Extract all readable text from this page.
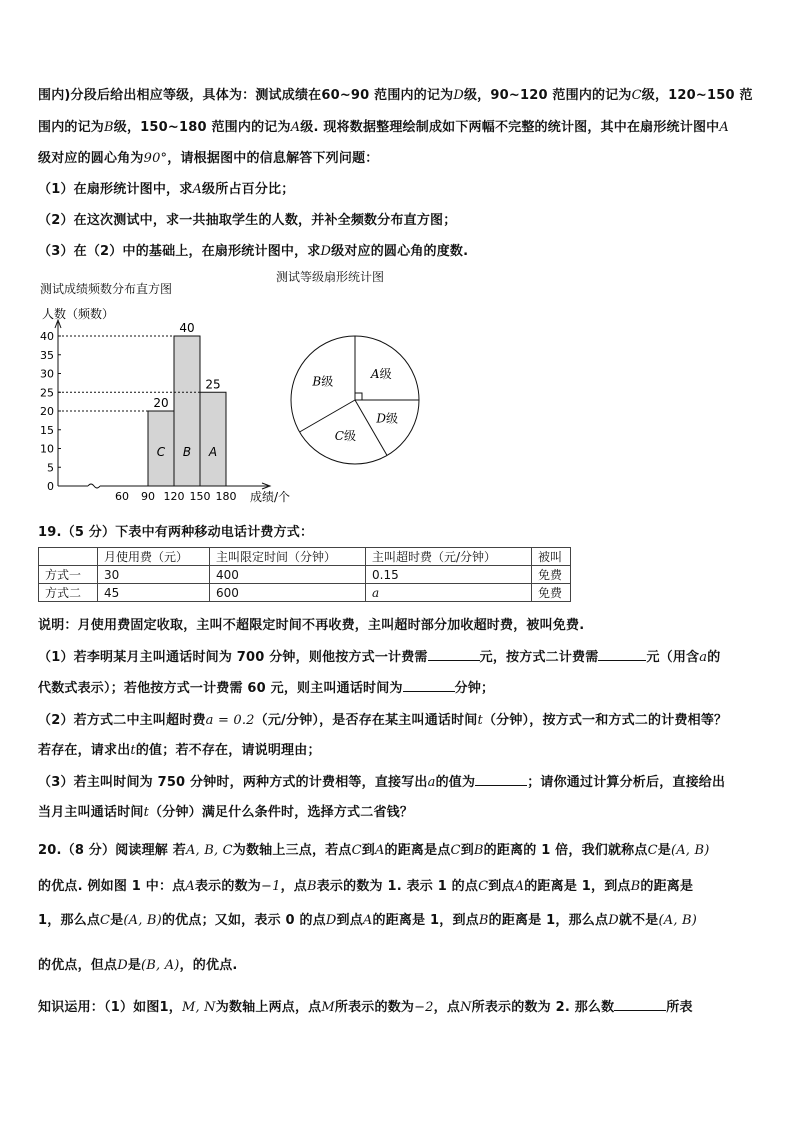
围内)分段后给出相应等级，具体为：测试成绩在60~90 范围内的记为D级，90~120 范围内的记为C级，120~150 范
围内的记为B级，150~180 范围内的记为A级. 现将数据整理绘制成如下两幅不完整的统计图，其中在扇形统计图中A
级对应的圆心角为90°，请根据图中的信息解答下列问题：
（1）在扇形统计图中，求A级所占百分比；
（2）在这次测试中，求一共抽取学生的人数，并补全频数分布直方图；
（3）在（2）中的基础上，在扇形统计图中，求D级对应的圆心角的度数.
测试成绩频数分布直方图
人数（频数）
0
5
10
15
20
25
30
35
40
60 90 120 150 180
C
20
B
40
A
25
成绩/个
测试等级扇形统计图
A级
D级
C级
B级
19.（5 分）下表中有两种移动电话计费方式：
	月使用费（元）	主叫限定时间（分钟）	主叫超时费（元/分钟）	被叫
方式一	30	400	0.15	免费
方式二	45	600	a	免费
说明：月使用费固定收取，主叫不超限定时间不再收费，主叫超时部分加收超时费，被叫免费.
（1）若李明某月主叫通话时间为 700 分钟，则他按方式一计费需	元，按方式二计费需	元（用含a的
代数式表示）；若他按方式一计费需 60 元，则主叫通话时间为	分钟；
（2）若方式二中主叫超时费a = 0.2（元/分钟），是否存在某主叫通话时间t（分钟），按方式一和方式二的计费相等？
若存在，请求出t的值；若不存在，请说明理由；
（3）若主叫时间为 750 分钟时，两种方式的计费相等，直接写出a的值为	；请你通过计算分析后，直接给出
当月主叫通话时间t（分钟）满足什么条件时，选择方式二省钱？
20.（8 分）阅读理解 若A, B, C为数轴上三点，若点C到A的距离是点C到B的距离的 1 倍，我们就称点C是(A, B)
的优点. 例如图 1 中：点A表示的数为−1，点B表示的数为 1. 表示 1 的点C到点A的距离是 1，到点B的距离是
1，那么点C是(A, B)的优点；又如，表示 0 的点D到点A的距离是 1，到点B的距离是 1，那么点D就不是(A, B)
的优点，但点D是(B, A)，的优点.
知识运用：（1）如图1，M, N为数轴上两点，点M所表示的数为−2，点N所表示的数为 2. 那么数	所表
